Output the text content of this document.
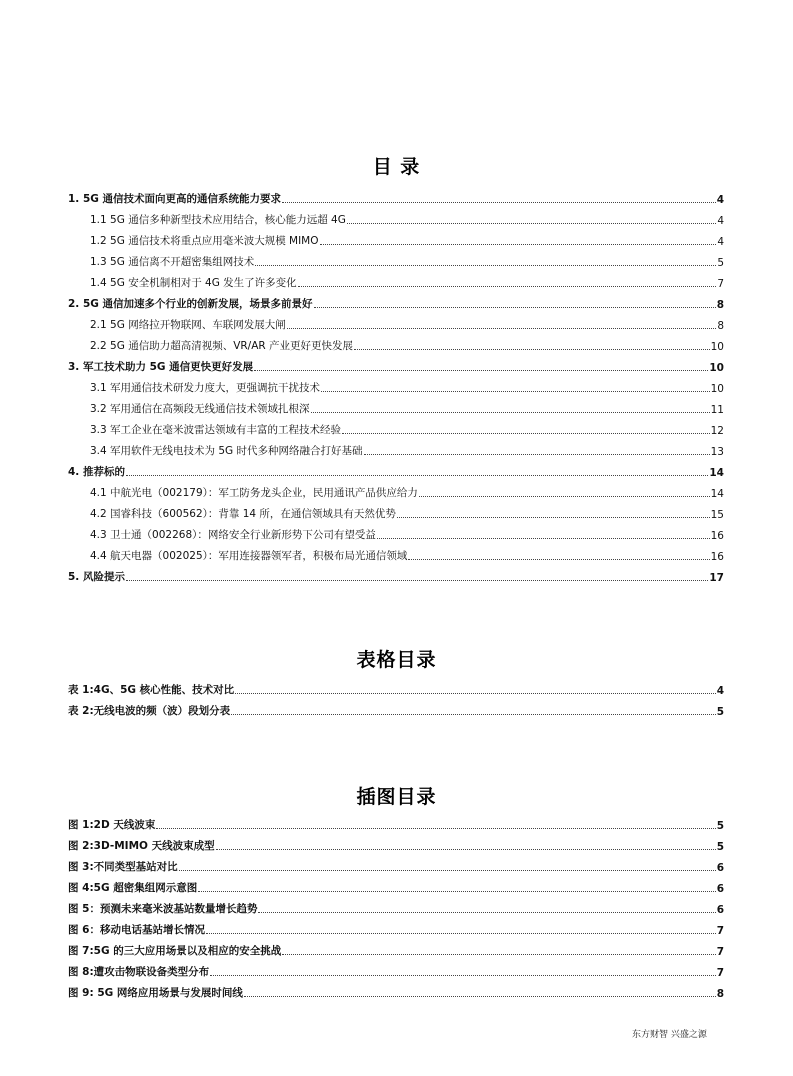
目 录
1. 5G 通信技术面向更高的通信系统能力要求	4
1.1 5G 通信多种新型技术应用结合，核心能力远超 4G	4
1.2 5G 通信技术将重点应用毫米波大规模 MIMO	4
1.3 5G 通信离不开超密集组网技术	5
1.4 5G 安全机制相对于 4G 发生了许多变化	7
2. 5G 通信加速多个行业的创新发展，场景多前景好	8
2.1 5G 网络拉开物联网、车联网发展大闸	8
2.2 5G 通信助力超高清视频、VR/AR 产业更好更快发展	10
3. 军工技术助力 5G 通信更快更好发展	10
3.1 军用通信技术研发力度大，更强调抗干扰技术	10
3.2 军用通信在高频段无线通信技术领域扎根深	11
3.3 军工企业在毫米波雷达领域有丰富的工程技术经验	12
3.4 军用软件无线电技术为 5G 时代多种网络融合打好基础	13
4. 推荐标的	14
4.1 中航光电（002179）：军工防务龙头企业，民用通讯产品供应给力	14
4.2 国睿科技（600562）：背靠 14 所，在通信领域具有天然优势	15
4.3 卫士通（002268）：网络安全行业新形势下公司有望受益	16
4.4 航天电器（002025）：军用连接器领军者，积极布局光通信领域	16
5. 风险提示	17
表格目录
表 1:4G、5G 核心性能、技术对比	4
表 2:无线电波的频（波）段划分表	5
插图目录
图 1:2D 天线波束	5
图 2:3D-MIMO 天线波束成型	5
图 3:不同类型基站对比	6
图 4:5G 超密集组网示意图	6
图 5：预测未来毫米波基站数量增长趋势	6
图 6：移动电话基站增长情况	7
图 7:5G 的三大应用场景以及相应的安全挑战	7
图 8:遭攻击物联设备类型分布	7
图 9: 5G 网络应用场景与发展时间线	8
东方财智 兴盛之源
